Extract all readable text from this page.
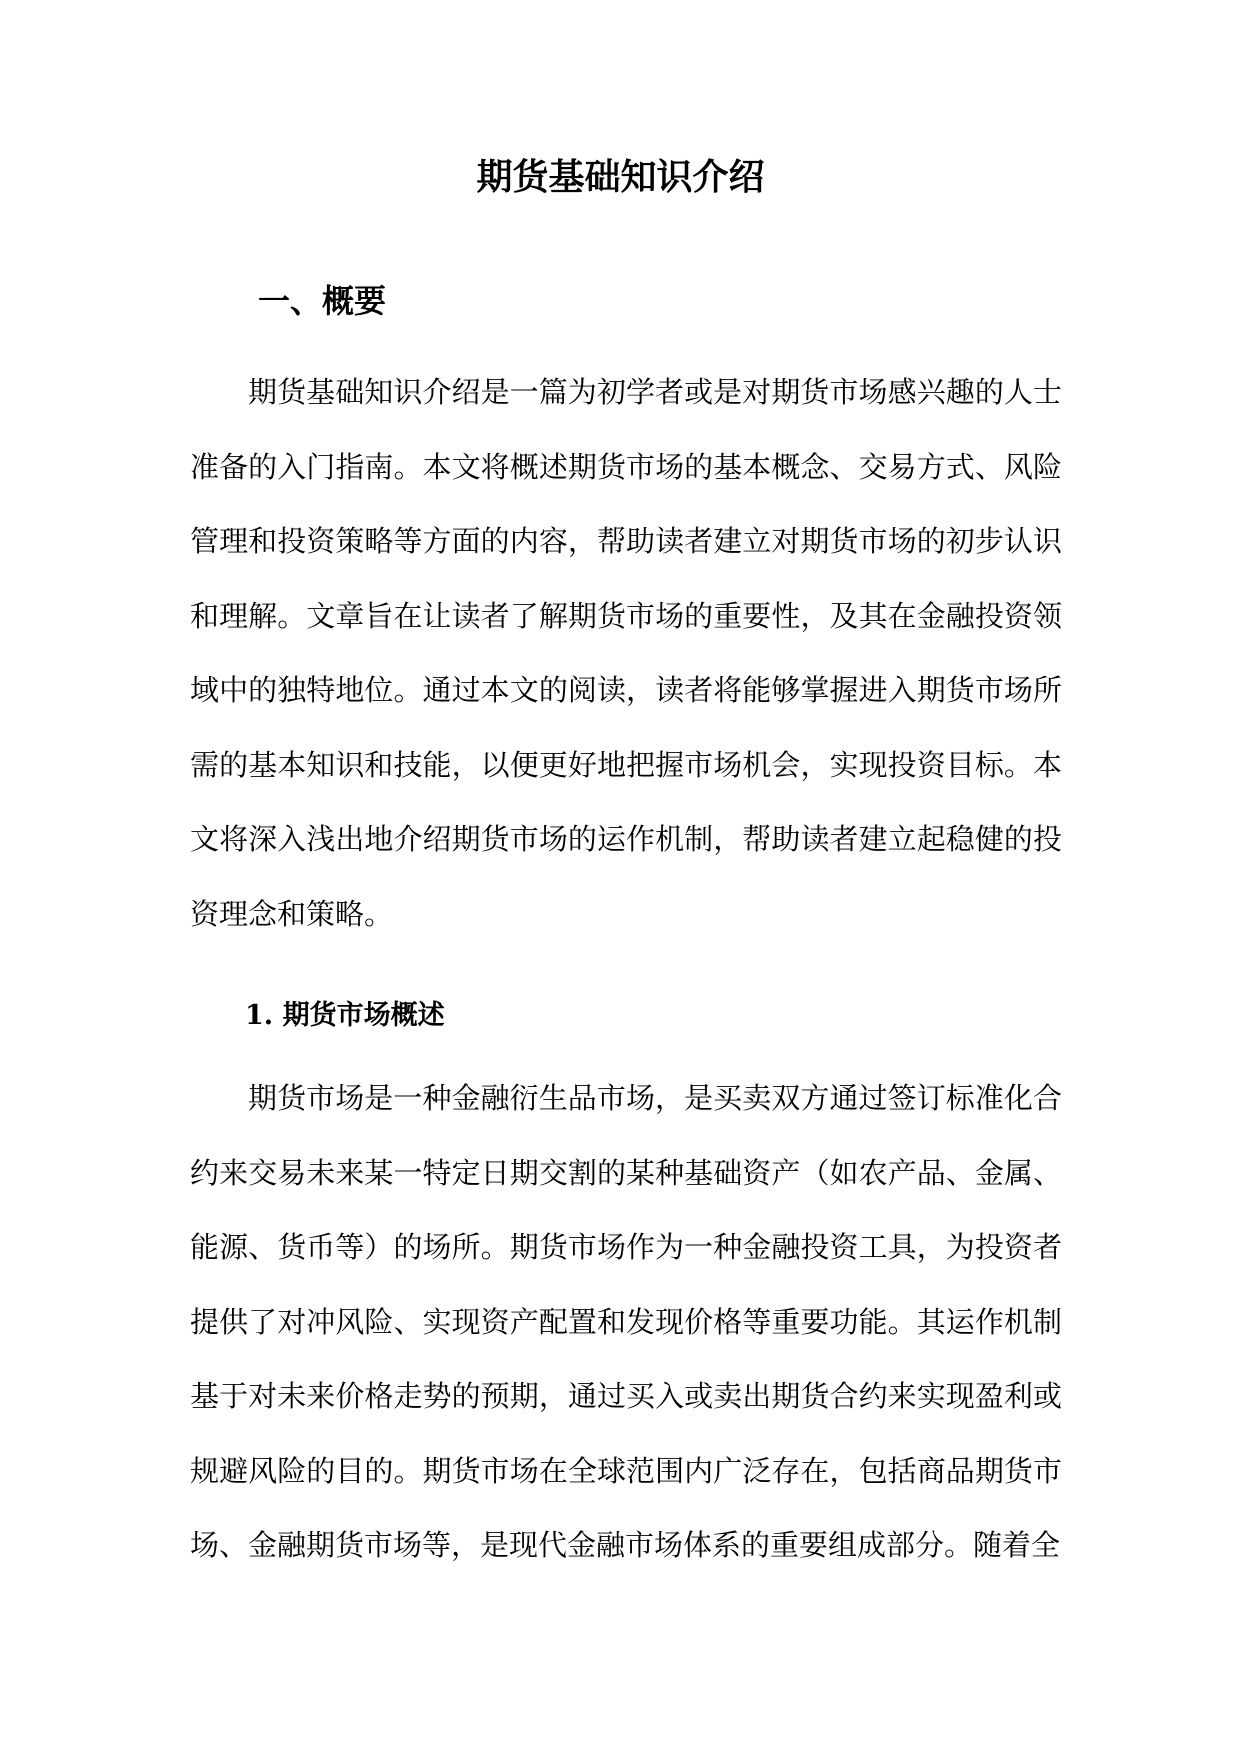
期货基础知识介绍
一、概要

期货基础知识介绍是一篇为初学者或是对期货市场感兴趣的人士准备的入门指南。本文将概述期货市场的基本概念、交易方式、风险管理和投资策略等方面的内容，帮助读者建立对期货市场的初步认识和理解。文章旨在让读者了解期货市场的重要性，及其在金融投资领域中的独特地位。通过本文的阅读，读者将能够掌握进入期货市场所需的基本知识和技能，以便更好地把握市场机会，实现投资目标。本文将深入浅出地介绍期货市场的运作机制，帮助读者建立起稳健的投资理念和策略。

1. 期货市场概述

期货市场是一种金融衍生品市场，是买卖双方通过签订标准化合约来交易未来某一特定日期交割的某种基础资产（如农产品、金属、能源、货币等）的场所。期货市场作为一种金融投资工具，为投资者提供了对冲风险、实现资产配置和发现价格等重要功能。其运作机制基于对未来价格走势的预期，通过买入或卖出期货合约来实现盈利或规避风险的目的。期货市场在全球范围内广泛存在，包括商品期货市场、金融期货市场等，是现代金融市场体系的重要组成部分。随着全
